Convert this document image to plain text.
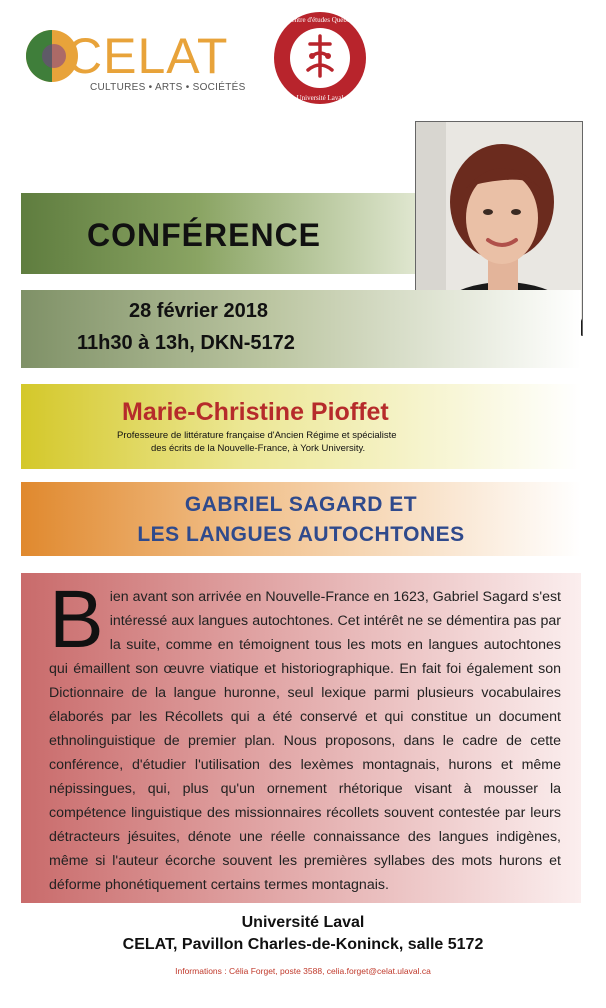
CELAT
CULTURES • ARTS • SOCIÉTÉS
Centre d'études Québec
Université Laval
CONFÉRENCE
28 février 2018
11h30 à 13h, DKN-5172
Marie-Christine Pioffet
Professeure de littérature française d'Ancien Régime et spécialiste
des écrits de la Nouvelle-France, à York University.
GABRIEL SAGARD ET
LES LANGUES AUTOCHTONES
Bien avant son arrivée en Nouvelle-France en 1623, Gabriel Sagard s'est intéressé aux langues autochtones. Cet intérêt ne se démentira pas par la suite, comme en témoignent tous les mots en langues autochtones qui émaillent son œuvre viatique et historiographique. En fait foi également son Dictionnaire de la langue huronne, seul lexique parmi plusieurs vocabulaires élaborés par les Récollets qui a été conservé et qui constitue un document ethnolinguistique de premier plan. Nous proposons, dans le cadre de cette conférence, d'étudier l'utilisation des lexèmes montagnais, hurons et même népissingues, qui, plus qu'un ornement rhétorique visant à mousser la compétence linguistique des missionnaires récollets souvent contestée par leurs détracteurs jésuites, dénote une réelle connaissance des langues indigènes, même si l'auteur écorche souvent les premières syllabes des mots hurons et déforme phonétiquement certains termes montagnais.
Université Laval
CELAT, Pavillon Charles-de-Koninck, salle 5172
Informations : Célia Forget, poste 3588, celia.forget@celat.ulaval.ca
